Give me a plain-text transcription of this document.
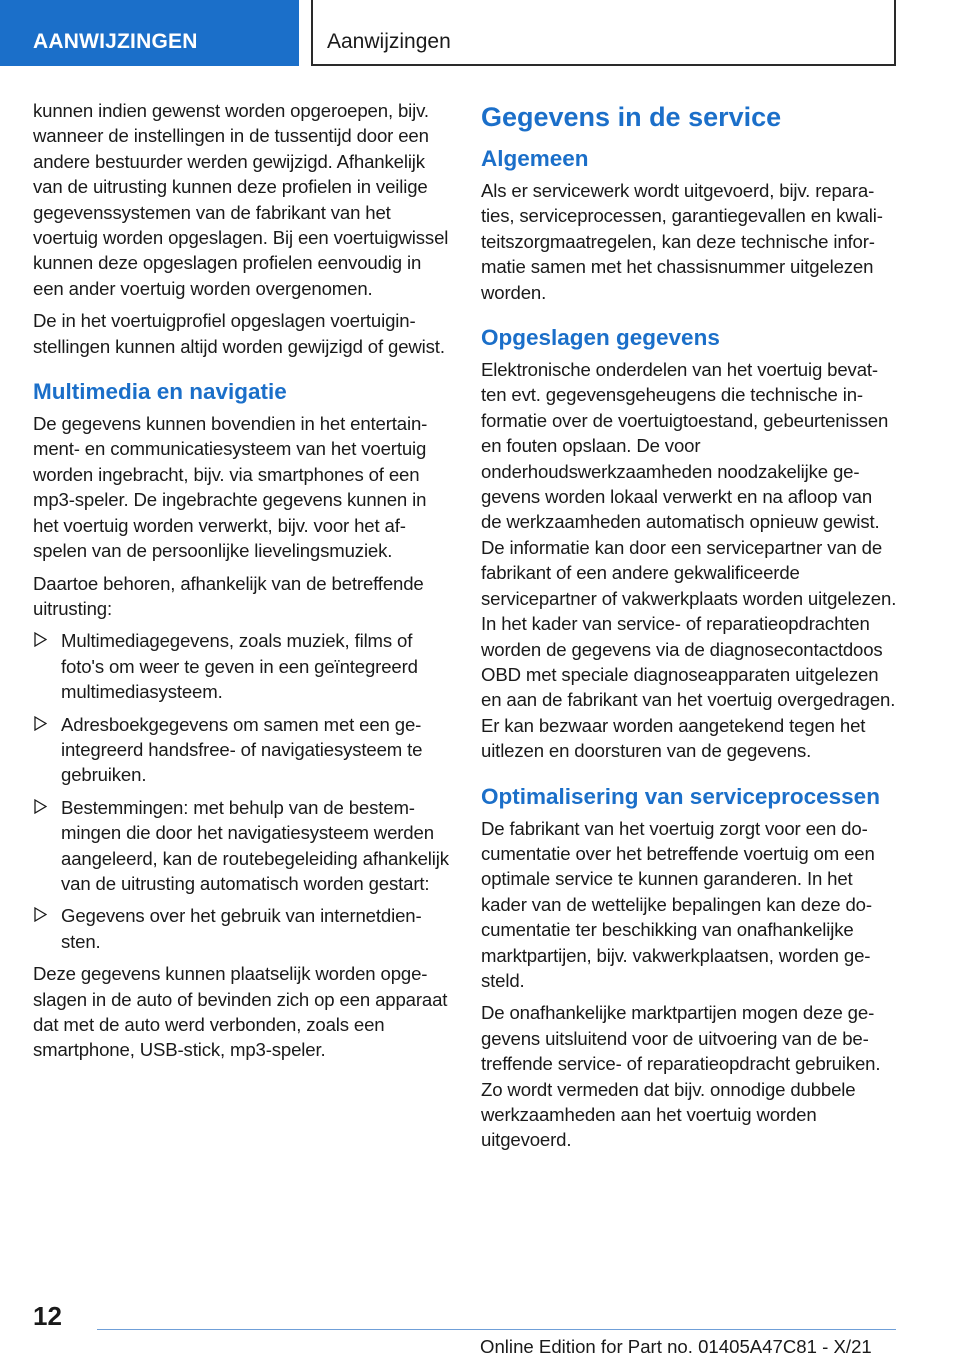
AANWIJZINGEN	Aanwijzingen

kunnen indien gewenst worden opgeroepen, bijv. wanneer de instellingen in de tussentijd door een andere bestuurder werden gewijzigd. Afhankelijk van de uitrusting kunnen deze profielen in veilige gegevenssystemen van de fabrikant van het voertuig worden opgeslagen. Bij een voertuigwissel kunnen deze opgeslagen profielen eenvoudig in een ander voertuig worden overgenomen.

De in het voertuigprofiel opgeslagen voertuiginstellingen kunnen altijd worden gewijzigd of gewist.

Multimedia en navigatie

De gegevens kunnen bovendien in het entertainment- en communicatiesysteem van het voertuig worden ingebracht, bijv. via smartphones of een mp3-speler. De ingebrachte gegevens kunnen in het voertuig worden verwerkt, bijv. voor het afspelen van de persoonlijke lievelingsmuziek.

Daartoe behoren, afhankelijk van de betreffende uitrusting:

Multimediagegevens, zoals muziek, films of foto's om weer te geven in een geïntegreerd multimediasysteem.
Adresboekgegevens om samen met een geintegreerd handsfree- of navigatiesysteem te gebruiken.
Bestemmingen: met behulp van de bestemmingen die door het navigatiesysteem werden aangeleerd, kan de routebegeleiding afhankelijk van de uitrusting automatisch worden gestart:
Gegevens over het gebruik van internetdiensten.

Deze gegevens kunnen plaatselijk worden opgeslagen in de auto of bevinden zich op een apparaat dat met de auto werd verbonden, zoals een smartphone, USB-stick, mp3-speler.

Gegevens in de service
Algemeen

Als er servicewerk wordt uitgevoerd, bijv. reparaties, serviceprocessen, garantiegevallen en kwaliteitszorgmaatregelen, kan deze technische informatie samen met het chassisnummer uitgelezen worden.

Opgeslagen gegevens

Elektronische onderdelen van het voertuig bevatten evt. gegevensgeheugens die technische informatie over de voertuigtoestand, gebeurtenissen en fouten opslaan. De voor onderhoudswerkzaamheden noodzakelijke gegevens worden lokaal verwerkt en na afloop van de werkzaamheden automatisch opnieuw gewist. De informatie kan door een servicepartner van de fabrikant of een andere gekwalificeerde servicepartner of vakwerkplaats worden uitgelezen. In het kader van service- of reparatieopdrachten worden de gegevens via de diagnosecontactdoos OBD met speciale diagnoseapparaten uitgelezen en aan de fabrikant van het voertuig overgedragen. Er kan bezwaar worden aangetekend tegen het uitlezen en doorsturen van de gegevens.

Optimalisering van serviceprocessen

De fabrikant van het voertuig zorgt voor een documentatie over het betreffende voertuig om een optimale service te kunnen garanderen. In het kader van de wettelijke bepalingen kan deze documentatie ter beschikking van onafhankelijke marktpartijen, bijv. vakwerkplaatsen, worden gesteld.

De onafhankelijke marktpartijen mogen deze gegevens uitsluitend voor de uitvoering van de betreffende service- of reparatieopdracht gebruiken. Zo wordt vermeden dat bijv. onnodige dubbele werkzaamheden aan het voertuig worden uitgevoerd.

12
Online Edition for Part no. 01405A47C81 - X/21
